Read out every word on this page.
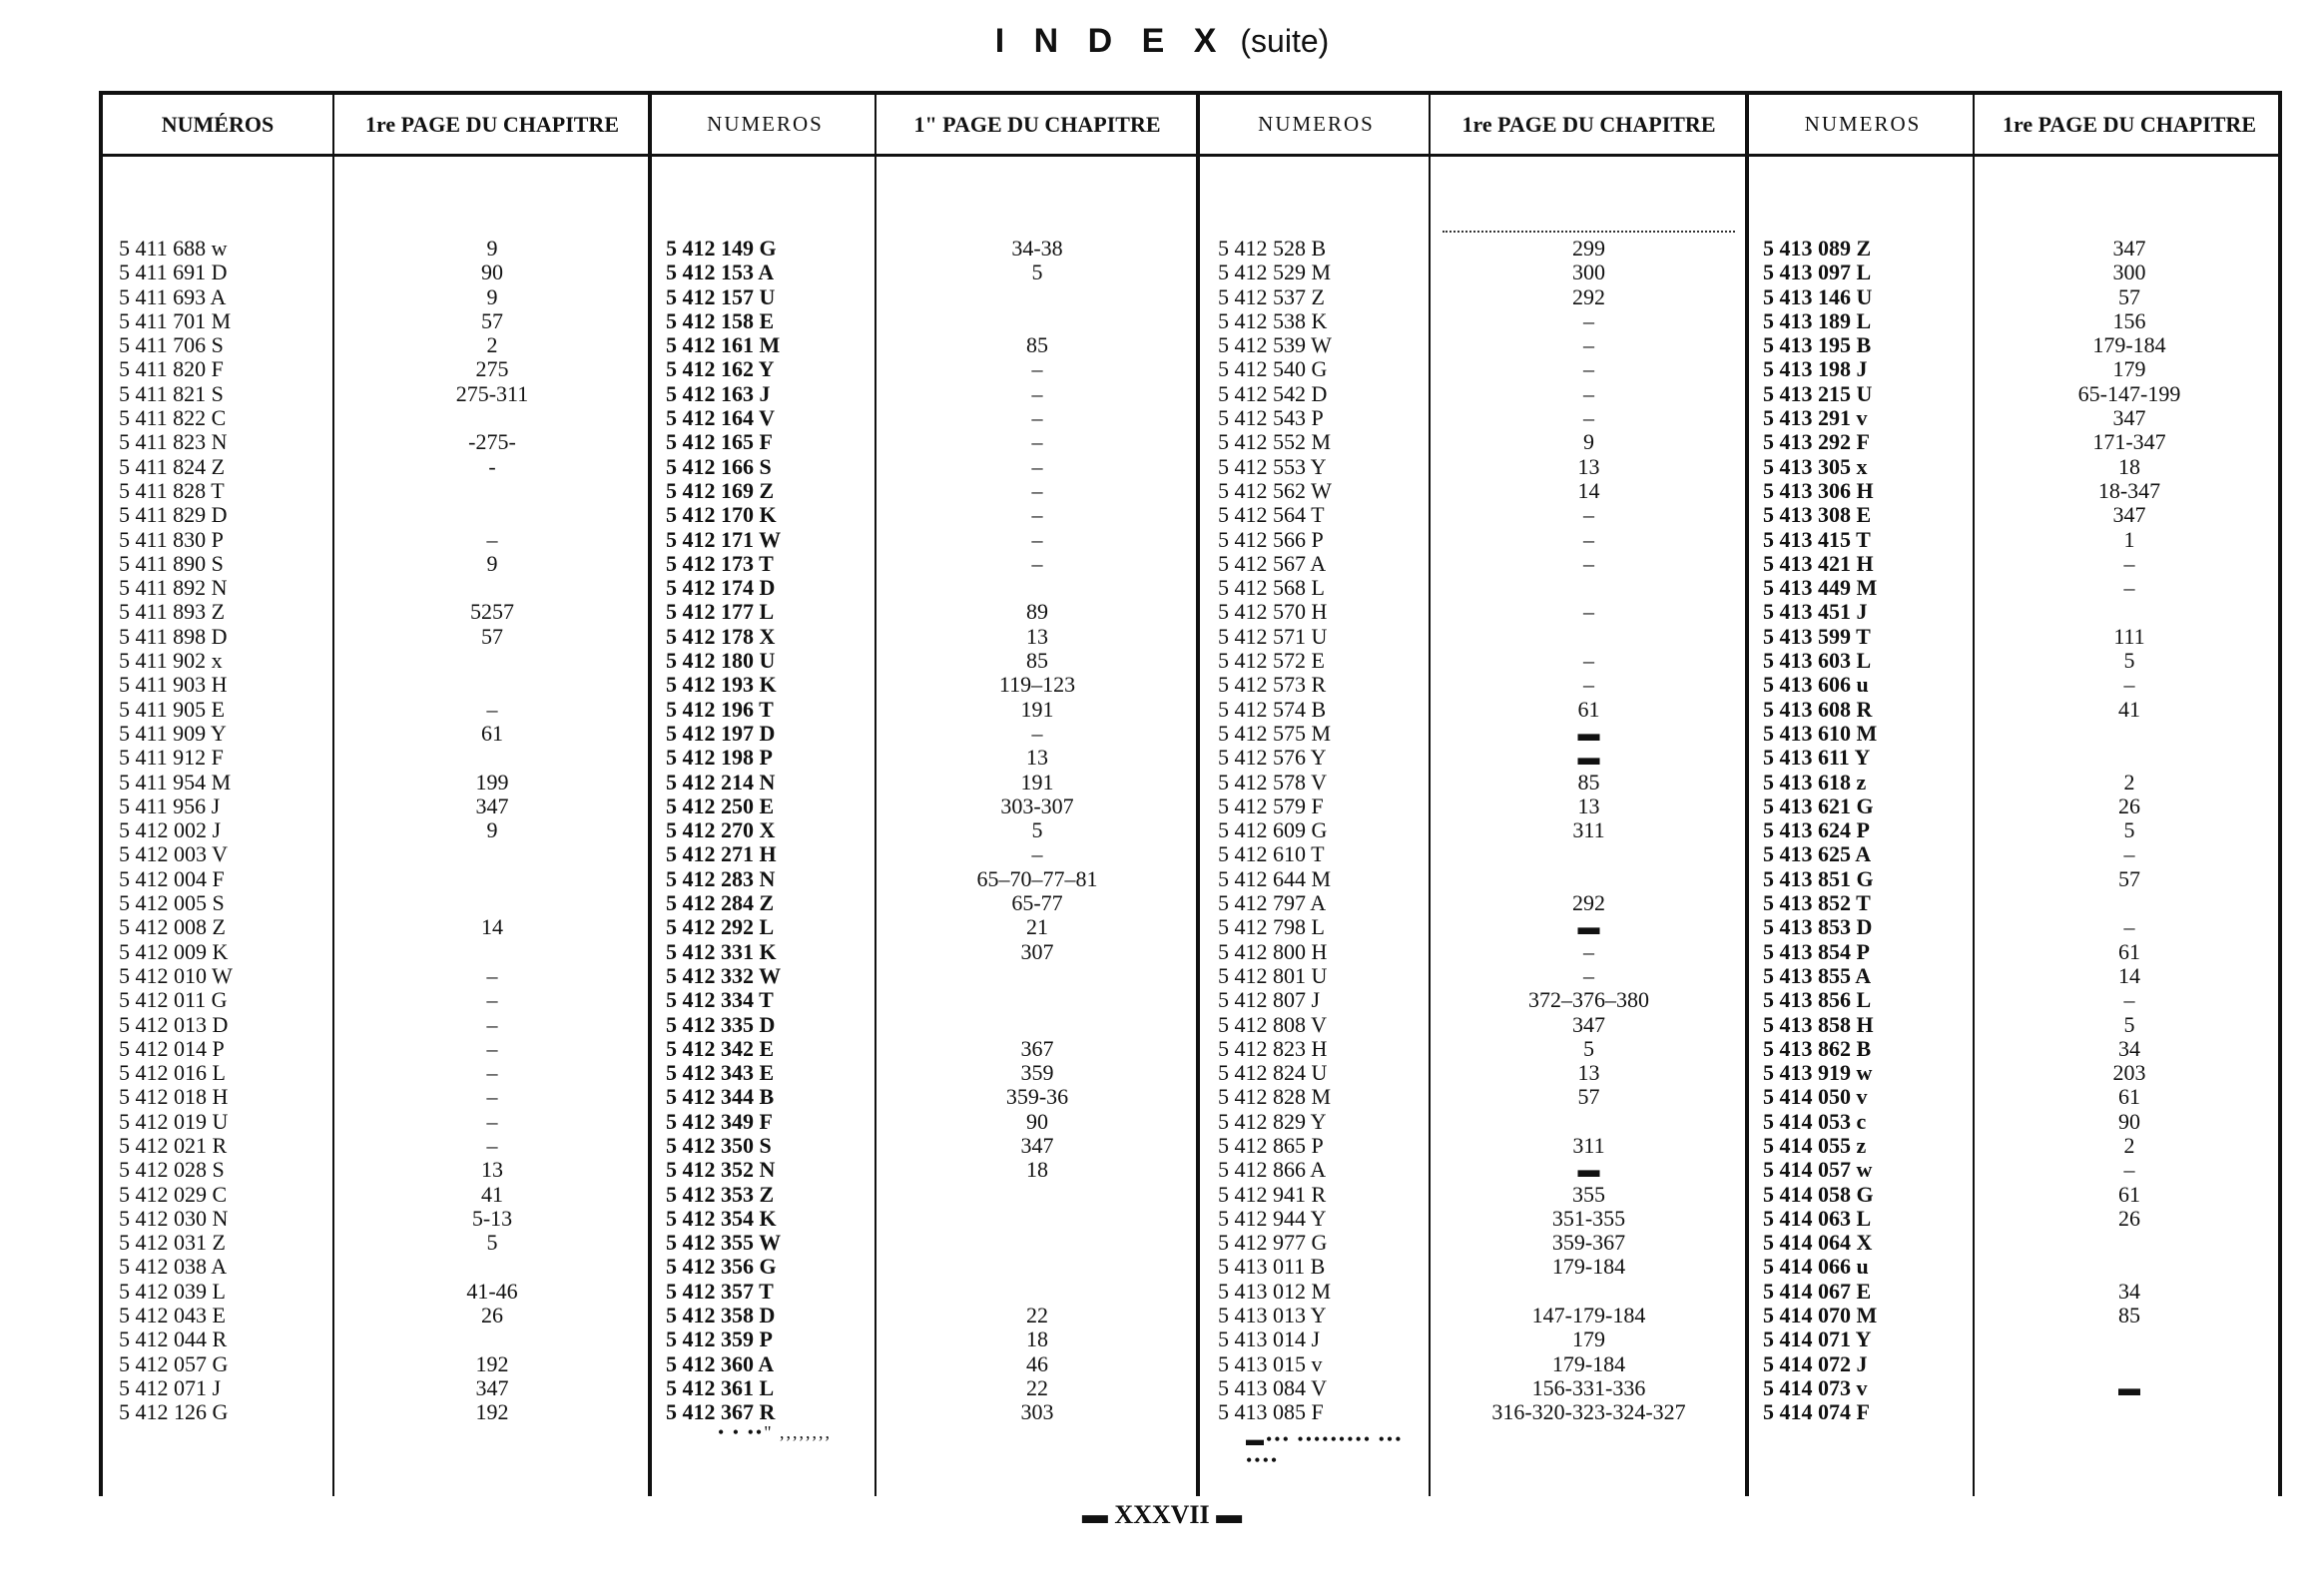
I N D E X (suite)
NUMÉROS
5 411 688 w
5 411 691 D
5 411 693 A
5 411 701 M
5 411 706 S
5 411 820 F
5 411 821 S
5 411 822 C
5 411 823 N
5 411 824 Z
5 411 828 T
5 411 829 D
5 411 830 P
5 411 890 S
5 411 892 N
5 411 893 Z
5 411 898 D
5 411 902 x
5 411 903 H
5 411 905 E
5 411 909 Y
5 411 912 F
5 411 954 M
5 411 956 J
5 412 002 J
5 412 003 V
5 412 004 F
5 412 005 S
5 412 008 Z
5 412 009 K
5 412 010 W
5 412 011 G
5 412 013 D
5 412 014 P
5 412 016 L
5 412 018 H
5 412 019 U
5 412 021 R
5 412 028 S
5 412 029 C
5 412 030 N
5 412 031 Z
5 412 038 A
5 412 039 L
5 412 043 E
5 412 044 R
5 412 057 G
5 412 071 J
5 412 126 G
1re PAGE DU CHAPITRE
9
90
9
57
2
275
275-311
-275-
-
–
9
5257
57
–
61
199
347
9
14
–
–
–
–
–
–
–
–
13
41
5-13
5
41-46
26
192
347
192
NUMEROS
5 412 149 G
5 412 153 A
5 412 157 U
5 412 158 E
5 412 161 M
5 412 162 Y
5 412 163 J
5 412 164 V
5 412 165 F
5 412 166 S
5 412 169 Z
5 412 170 K
5 412 171 W
5 412 173 T
5 412 174 D
5 412 177 L
5 412 178 X
5 412 180 U
5 412 193 K
5 412 196 T
5 412 197 D
5 412 198 P
5 412 214 N
5 412 250 E
5 412 270 X
5 412 271 H
5 412 283 N
5 412 284 Z
5 412 292 L
5 412 331 K
5 412 332 W
5 412 334 T
5 412 335 D
5 412 342 E
5 412 343 E
5 412 344 B
5 412 349 F
5 412 350 S
5 412 352 N
5 412 353 Z
5 412 354 K
5 412 355 W
5 412 356 G
5 412 357 T
5 412 358 D
5 412 359 P
5 412 360 A
5 412 361 L
5 412 367 R
• • ••" ,,,,,,,,
1" PAGE DU CHAPITRE
34-38
5
85
–
–
–
–
–
–
–
–
–
89
13
85
119–123
191
–
13
191
303-307
5
–
65–70–77–81
65-77
21
307
367
359
359-36
90
347
18
22
18
46
22
303
NUMEROS
5 412 528 B
5 412 529 M
5 412 537 Z
5 412 538 K
5 412 539 W
5 412 540 G
5 412 542 D
5 412 543 P
5 412 552 M
5 412 553 Y
5 412 562 W
5 412 564 T
5 412 566 P
5 412 567 A
5 412 568 L
5 412 570 H
5 412 571 U
5 412 572 E
5 412 573 R
5 412 574 B
5 412 575 M
5 412 576 Y
5 412 578 V
5 412 579 F
5 412 609 G
5 412 610 T
5 412 644 M
5 412 797 A
5 412 798 L
5 412 800 H
5 412 801 U
5 412 807 J
5 412 808 V
5 412 823 H
5 412 824 U
5 412 828 M
5 412 829 Y
5 412 865 P
5 412 866 A
5 412 941 R
5 412 944 Y
5 412 977 G
5 413 011 B
5 413 012 M
5 413 013 Y
5 413 014 J
5 413 015 v
5 413 084 V
5 413 085 F
▬••• ••••••••• ••• ••••
1re PAGE DU CHAPITRE
299
300
292
–
–
–
–
–
9
13
14
–
–
–
–
–
–
61
▬
▬
85
13
311
292
▬
–
–
372–376–380
347
5
13
57
311
▬
355
351-355
359-367
179-184
147-179-184
179
179-184
156-331-336
316-320-323-324-327
NUMEROS
5 413 089 Z
5 413 097 L
5 413 146 U
5 413 189 L
5 413 195 B
5 413 198 J
5 413 215 U
5 413 291 v
5 413 292 F
5 413 305 x
5 413 306 H
5 413 308 E
5 413 415 T
5 413 421 H
5 413 449 M
5 413 451 J
5 413 599 T
5 413 603 L
5 413 606 u
5 413 608 R
5 413 610 M
5 413 611 Y
5 413 618 z
5 413 621 G
5 413 624 P
5 413 625 A
5 413 851 G
5 413 852 T
5 413 853 D
5 413 854 P
5 413 855 A
5 413 856 L
5 413 858 H
5 413 862 B
5 413 919 w
5 414 050 v
5 414 053 c
5 414 055 z
5 414 057 w
5 414 058 G
5 414 063 L
5 414 064 X
5 414 066 u
5 414 067 E
5 414 070 M
5 414 071 Y
5 414 072 J
5 414 073 v
5 414 074 F
1re PAGE DU CHAPITRE
347
300
57
156
179-184
179
65-147-199
347
171-347
18
18-347
347
1
–
–
111
5
–
41
2
26
5
–
57
–
61
14
–
5
34
203
61
90
2
–
61
26
34
85
▬
▬ XXXVII ▬
